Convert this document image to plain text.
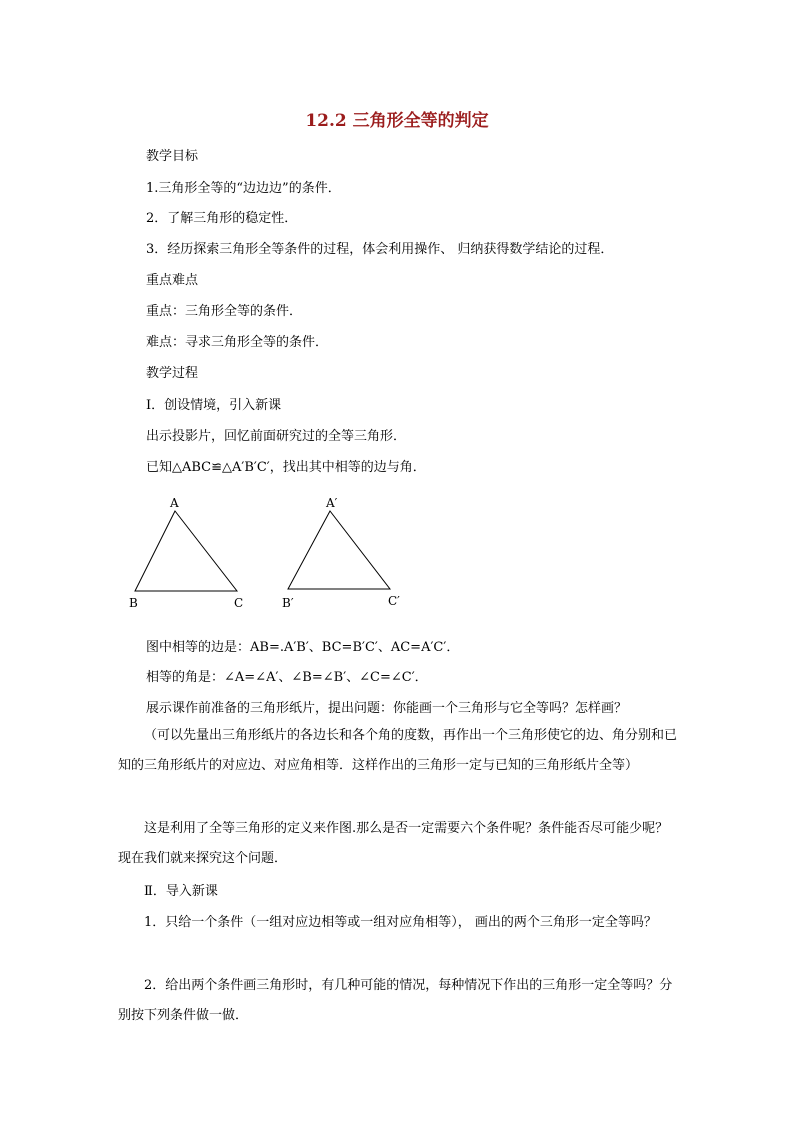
12.2 三角形全等的判定
教学目标
1.三角形全等的“边边边”的条件．
2．了解三角形的稳定性．
3．经历探索三角形全等条件的过程，体会利用操作、 归纳获得数学结论的过程．
重点难点
重点：三角形全等的条件．
难点：寻求三角形全等的条件．
教学过程
Ⅰ．创设情境，引入新课
出示投影片，回忆前面研究过的全等三角形．
已知△ABC≌△A′B′C′，找出其中相等的边与角．
A
B	C
A′
B′	C′
图中相等的边是：AB=.A′B′、BC=B′C′、AC=A′C′．
相等的角是：∠A=∠A′、∠B=∠B′、∠C=∠C′．
展示课作前准备的三角形纸片，提出问题：你能画一个三角形与它全等吗？怎样画？
（可以先量出三角形纸片的各边长和各个角的度数，再作出一个三角形使它的边、角分别和已知的三角形纸片的对应边、对应角相等．这样作出的三角形一定与已知的三角形纸片全等）
这是利用了全等三角形的定义来作图.那么是否一定需要六个条件呢？条件能否尽可能少呢？现在我们就来探究这个问题．
Ⅱ．导入新课
1．只给一个条件（一组对应边相等或一组对应角相等）， 画出的两个三角形一定全等吗？
2．给出两个条件画三角形时，有几种可能的情况，每种情况下作出的三角形一定全等吗？分别按下列条件做一做．
